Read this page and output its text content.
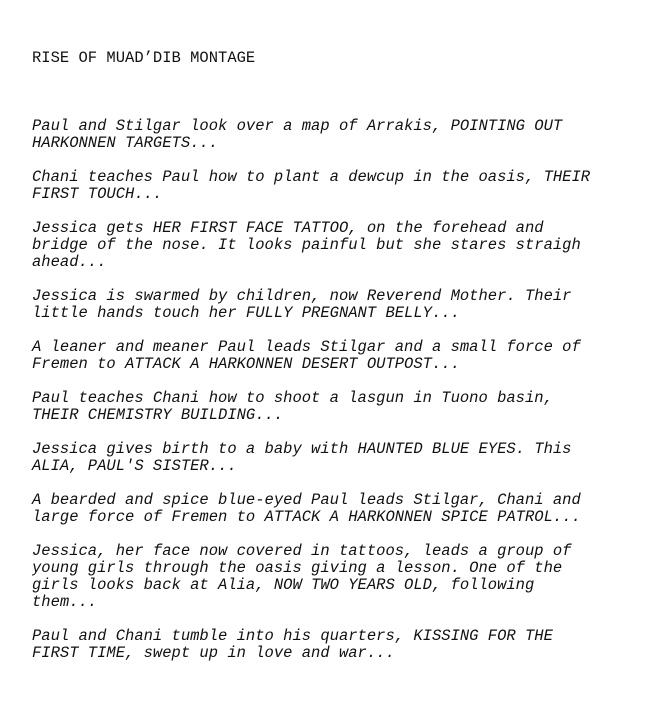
RISE OF MUAD’DIB MONTAGE

Paul and Stilgar look over a map of Arrakis, POINTING OUT
HARKONNEN TARGETS...
Chani teaches Paul how to plant a dewcup in the oasis, THEIR
FIRST TOUCH...
Jessica gets HER FIRST FACE TATTOO, on the forehead and
bridge of the nose. It looks painful but she stares straigh
ahead...
Jessica is swarmed by children, now Reverend Mother. Their
little hands touch her FULLY PREGNANT BELLY...
A leaner and meaner Paul leads Stilgar and a small force of
Fremen to ATTACK A HARKONNEN DESERT OUTPOST...
Paul teaches Chani how to shoot a lasgun in Tuono basin,
THEIR CHEMISTRY BUILDING...
Jessica gives birth to a baby with HAUNTED BLUE EYES. This
ALIA, PAUL'S SISTER...
A bearded and spice blue-eyed Paul leads Stilgar, Chani and
large force of Fremen to ATTACK A HARKONNEN SPICE PATROL...
Jessica, her face now covered in tattoos, leads a group of
young girls through the oasis giving a lesson. One of the
girls looks back at Alia, NOW TWO YEARS OLD, following
them...
Paul and Chani tumble into his quarters, KISSING FOR THE
FIRST TIME, swept up in love and war...
